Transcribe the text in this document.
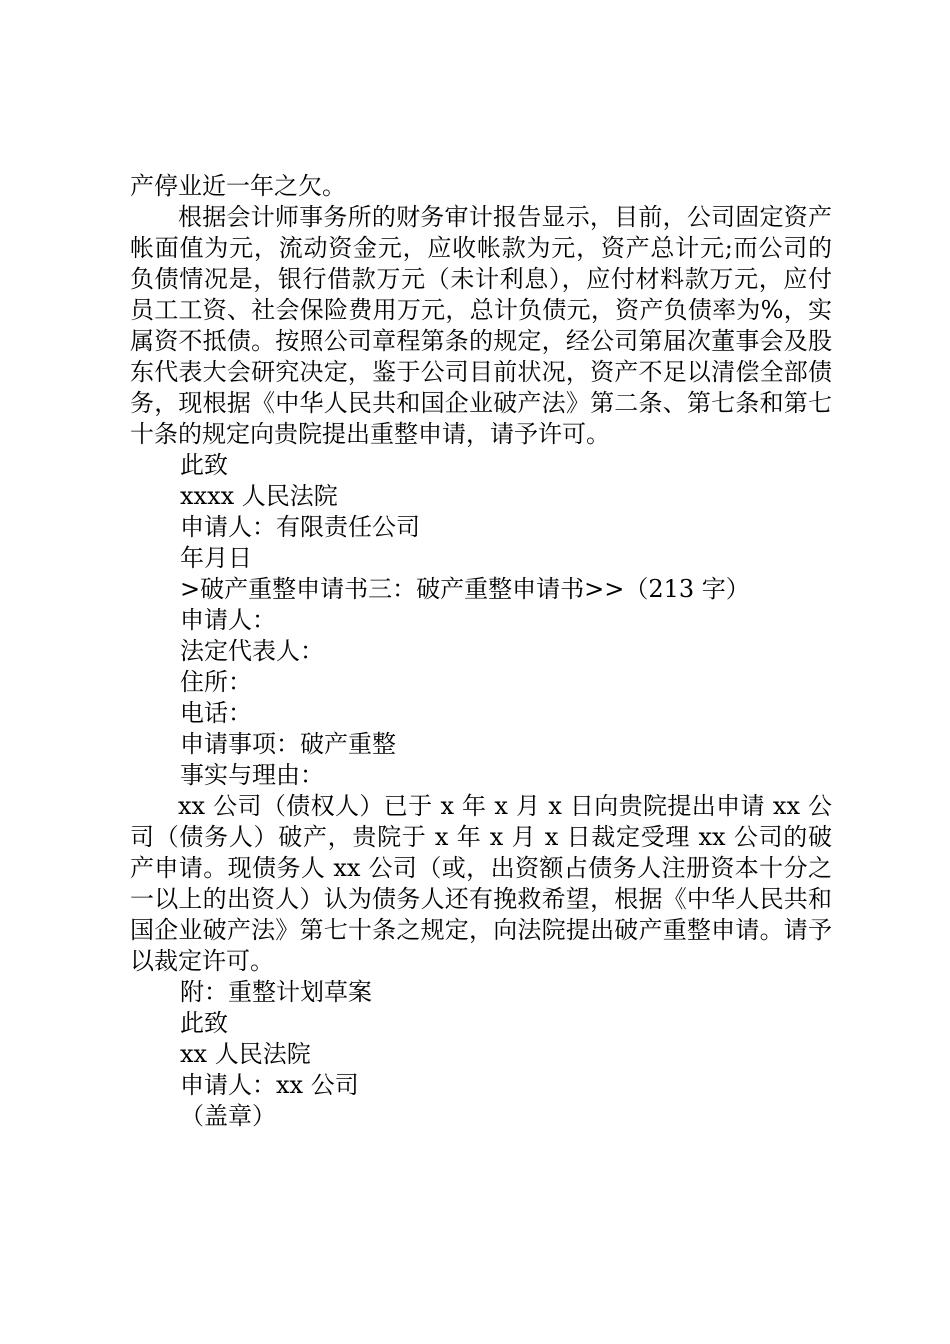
产停业近一年之欠。
根据会计师事务所的财务审计报告显示，目前，公司固定资产帐面值为元，流动资金元，应收帐款为元，资产总计元;而公司的负债情况是，银行借款万元（未计利息），应付材料款万元，应付员工工资、社会保险费用万元，总计负债元，资产负债率为%，实属资不抵债。按照公司章程第条的规定，经公司第届次董事会及股东代表大会研究决定，鉴于公司目前状况，资产不足以清偿全部债务，现根据《中华人民共和国企业破产法》第二条、第七条和第七十条的规定向贵院提出重整申请，请予许可。
此致
xxxx 人民法院
申请人：有限责任公司
年月日
>破产重整申请书三：破产重整申请书>>（213 字）
申请人：
法定代表人：
住所：
电话：
申请事项：破产重整
事实与理由：
xx 公司（债权人）已于 x 年 x 月 x 日向贵院提出申请 xx 公司（债务人）破产，贵院于 x 年 x 月 x 日裁定受理 xx 公司的破产申请。现债务人 xx 公司（或，出资额占债务人注册资本十分之一以上的出资人）认为债务人还有挽救希望，根据《中华人民共和国企业破产法》第七十条之规定，向法院提出破产重整申请。请予以裁定许可。
附：重整计划草案
此致
xx 人民法院
申请人：xx 公司
（盖章）
